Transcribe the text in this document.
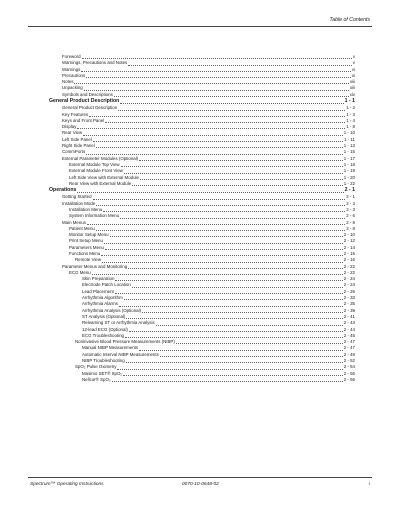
Table of Contents
Foreword	v
Warnings, Precautions and Notes	v
Warnings	vi
Precautions	xi
Notes	xiii
Unpacking	xiii
Symbols and Descriptions	xiv
General Product Description	1 - 1
General Product Description	1 - 2
Key Features	1 - 3
Keys and Front Panel	1 - 4
Display	1 - 8
Rear View	1 - 10
Left Side Panel	1 - 11
Right Side Panel	1 - 13
CommPorts	1 - 15
External Parameter Modules (Optional)	1 - 17
External Module Top View	1 - 18
External Module Front View	1 - 19
Left Side View with External Module	1 - 20
Rear View with External Module	1 - 22
Operations	2 - 1
Getting Started	2 - 1
Installation Mode	2 - 3
Installation Menu	2 - 3
System Information Menu	2 - 6
Main Menus	2 - 8
Patient Menu	2 - 8
Monitor Setup Menu	2 - 10
Print Setup Menu	2 - 12
Parameters Menu	2 - 14
Functions Menu	2 - 15
Remote View	2 - 16
Parameter Menus and Monitoring	2 - 22
ECG Menu	2 - 22
Skin Preparation	2 - 24
Electrode Patch Location	2 - 24
Lead Placement	2 - 26
Arrhythmia Algorithm	2 - 33
Arrhythmia Alarms	2 - 35
Arrhythmia Analysis (Optional)	2 - 39
ST Analysis (Optional)	2 - 41
Relearning ST or Arrhythmia Analysis	2 - 43
12-lead ECG (Optional)	2 - 44
ECG Troubleshooting	2 - 45
Noninvasive Blood Pressure Measurements (NIBP)	2 - 47
Manual NIBP Measurements	2 - 47
Automatic Interval NIBP Measurements	2 - 49
NIBP Troubleshooting	2 - 52
SpO₂ Pulse Oximetry	2 - 54
Masimo SET® SpO₂	2 - 56
Nellcor® SpO₂	2 - 56
Spectrum™ Operating Instructions	0070-10-0648-02	i
